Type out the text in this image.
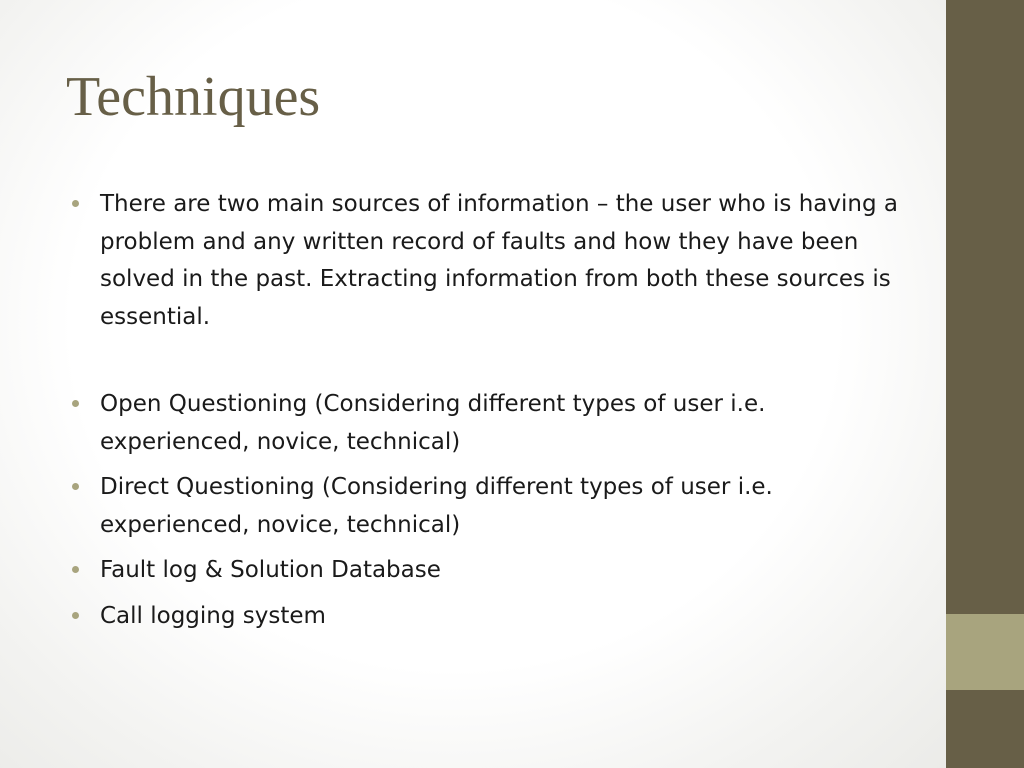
Techniques
There are two main sources of information – the user who is having a problem and any written record of faults and how they have been solved in the past. Extracting information from both these sources is essential.
Open Questioning (Considering different types of user i.e. experienced, novice, technical)
Direct Questioning (Considering different types of user i.e. experienced, novice, technical)
Fault log & Solution Database
Call logging system
